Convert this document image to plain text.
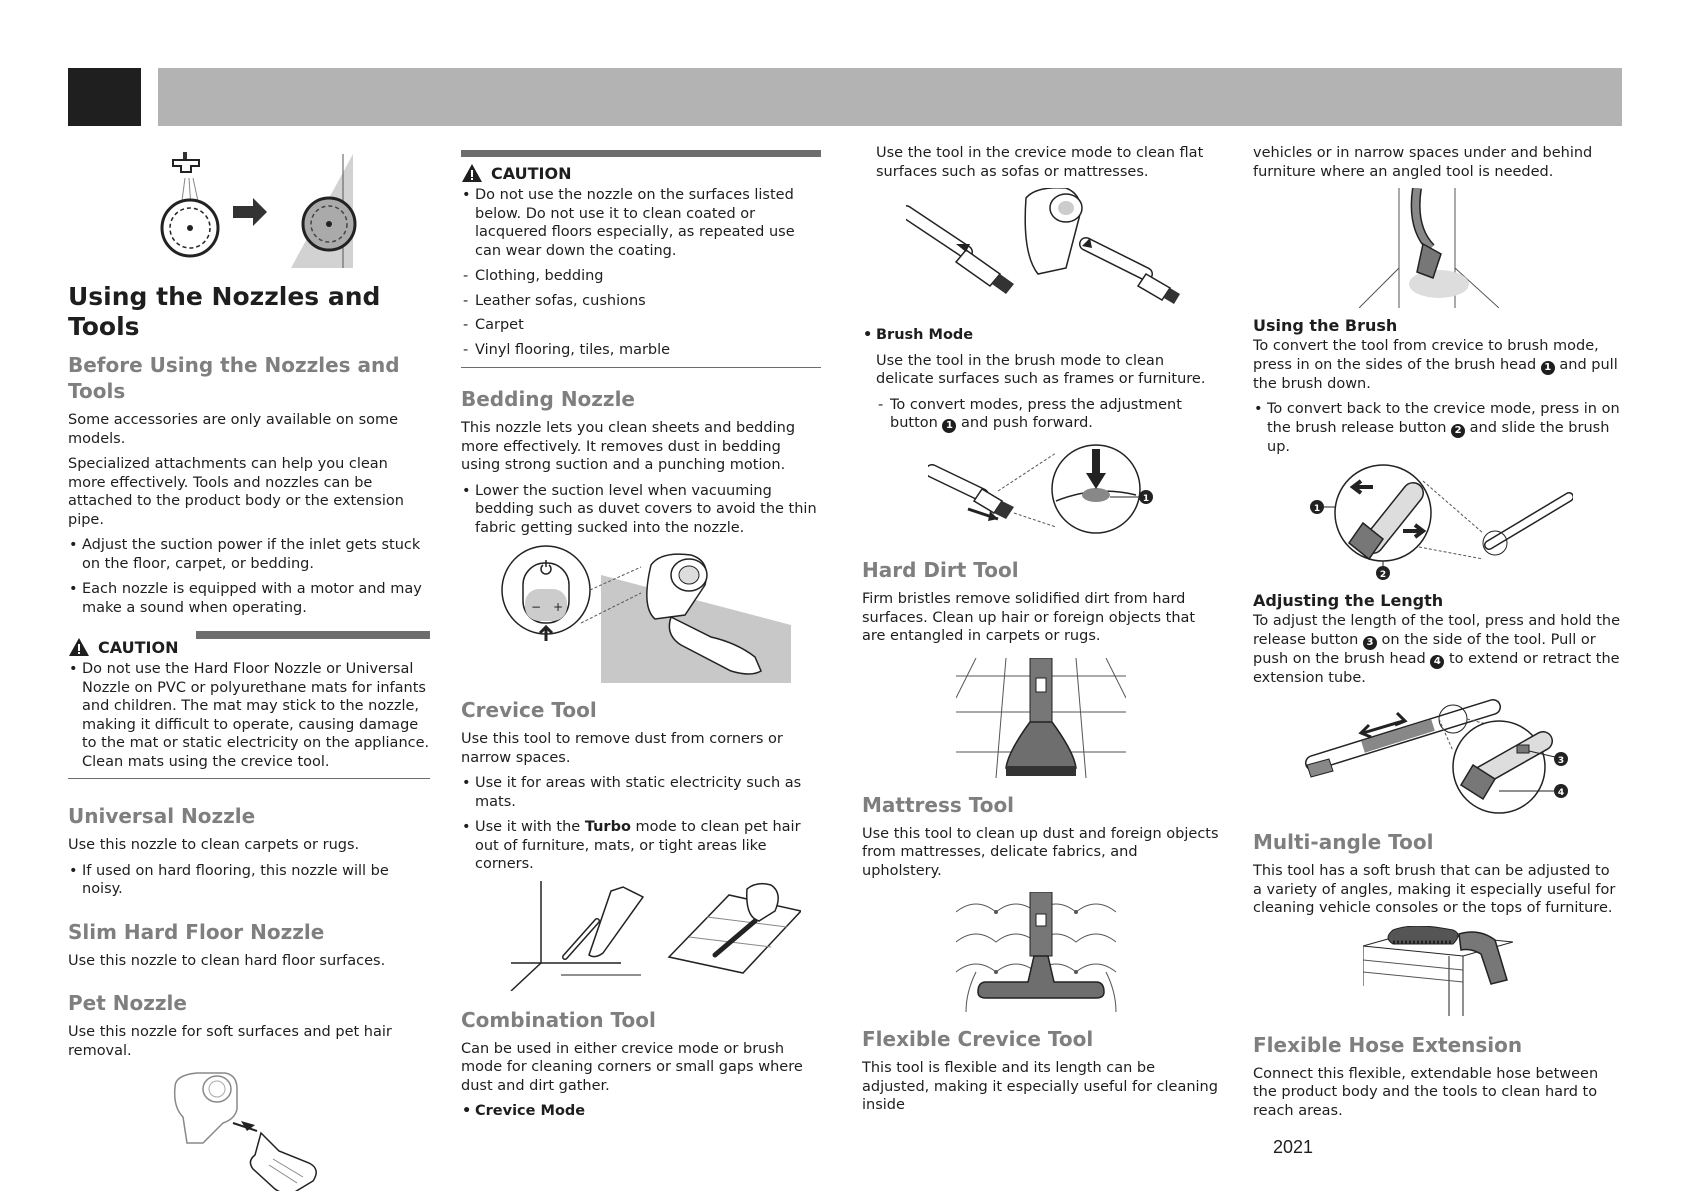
Using the Nozzles and Tools
Before Using the Nozzles and Tools

Some accessories are only available on some models.

Specialized attachments can help you clean more effectively. Tools and nozzles can be attached to the product body or the extension pipe.

• Adjust the suction power if the inlet gets stuck on the floor, carpet, or bedding.
• Each nozzle is equipped with a motor and may make a sound when operating.
CAUTION
• Do not use the Hard Floor Nozzle or Universal Nozzle on PVC or polyurethane mats for infants and children. The mat may stick to the nozzle, making it difficult to operate, causing damage to the mat or static electricity on the appliance. Clean mats using the crevice tool.
Universal Nozzle

Use this nozzle to clean carpets or rugs.

• If used on hard flooring, this nozzle will be noisy.
Slim Hard Floor Nozzle

Use this nozzle to clean hard floor surfaces.

Pet Nozzle

Use this nozzle for soft surfaces and pet hair removal.

CAUTION
• Do not use the nozzle on the surfaces listed below. Do not use it to clean coated or lacquered floors especially, as repeated use can wear down the coating.
- Clothing, bedding
- Leather sofas, cushions
- Carpet
- Vinyl flooring, tiles, marble
Bedding Nozzle

This nozzle lets you clean sheets and bedding more effectively. It removes dust in bedding using strong suction and a punching motion.

• Lower the suction level when vacuuming bedding such as duvet covers to avoid the thin fabric getting sucked into the nozzle.
− +
Crevice Tool

Use this tool to remove dust from corners or narrow spaces.

• Use it for areas with static electricity such as mats.
• Use it with the Turbo mode to clean pet hair out of furniture, mats, or tight areas like corners.
Combination Tool

Can be used in either crevice mode or brush mode for cleaning corners or small gaps where dust and dirt gather.

• Crevice Mode

Use the tool in the crevice mode to clean flat surfaces such as sofas or mattresses.

• Brush Mode

Use the tool in the brush mode to clean delicate surfaces such as frames or furniture.

- To convert modes, press the adjustment button 1 and push forward.
1
Hard Dirt Tool

Firm bristles remove solidified dirt from hard surfaces. Clean up hair or foreign objects that are entangled in carpets or rugs.

Mattress Tool

Use this tool to clean up dust and foreign objects from mattresses, delicate fabrics, and upholstery.

Flexible Crevice Tool

This tool is flexible and its length can be adjusted, making it especially useful for cleaning inside

vehicles or in narrow spaces under and behind furniture where an angled tool is needed.

Using the Brush

To convert the tool from crevice to brush mode, press in on the sides of the brush head 1 and pull the brush down.

• To convert back to the crevice mode, press in on the brush release button 2 and slide the brush up.
1
2
Adjusting the Length

To adjust the length of the tool, press and hold the release button 3 on the side of the tool. Pull or push on the brush head 4 to extend or retract the extension tube.

3
4
Multi-angle Tool

This tool has a soft brush that can be adjusted to a variety of angles, making it especially useful for cleaning vehicle consoles or the tops of furniture.

Flexible Hose Extension

Connect this flexible, extendable hose between the product body and the tools to clean hard to reach areas.

2021
